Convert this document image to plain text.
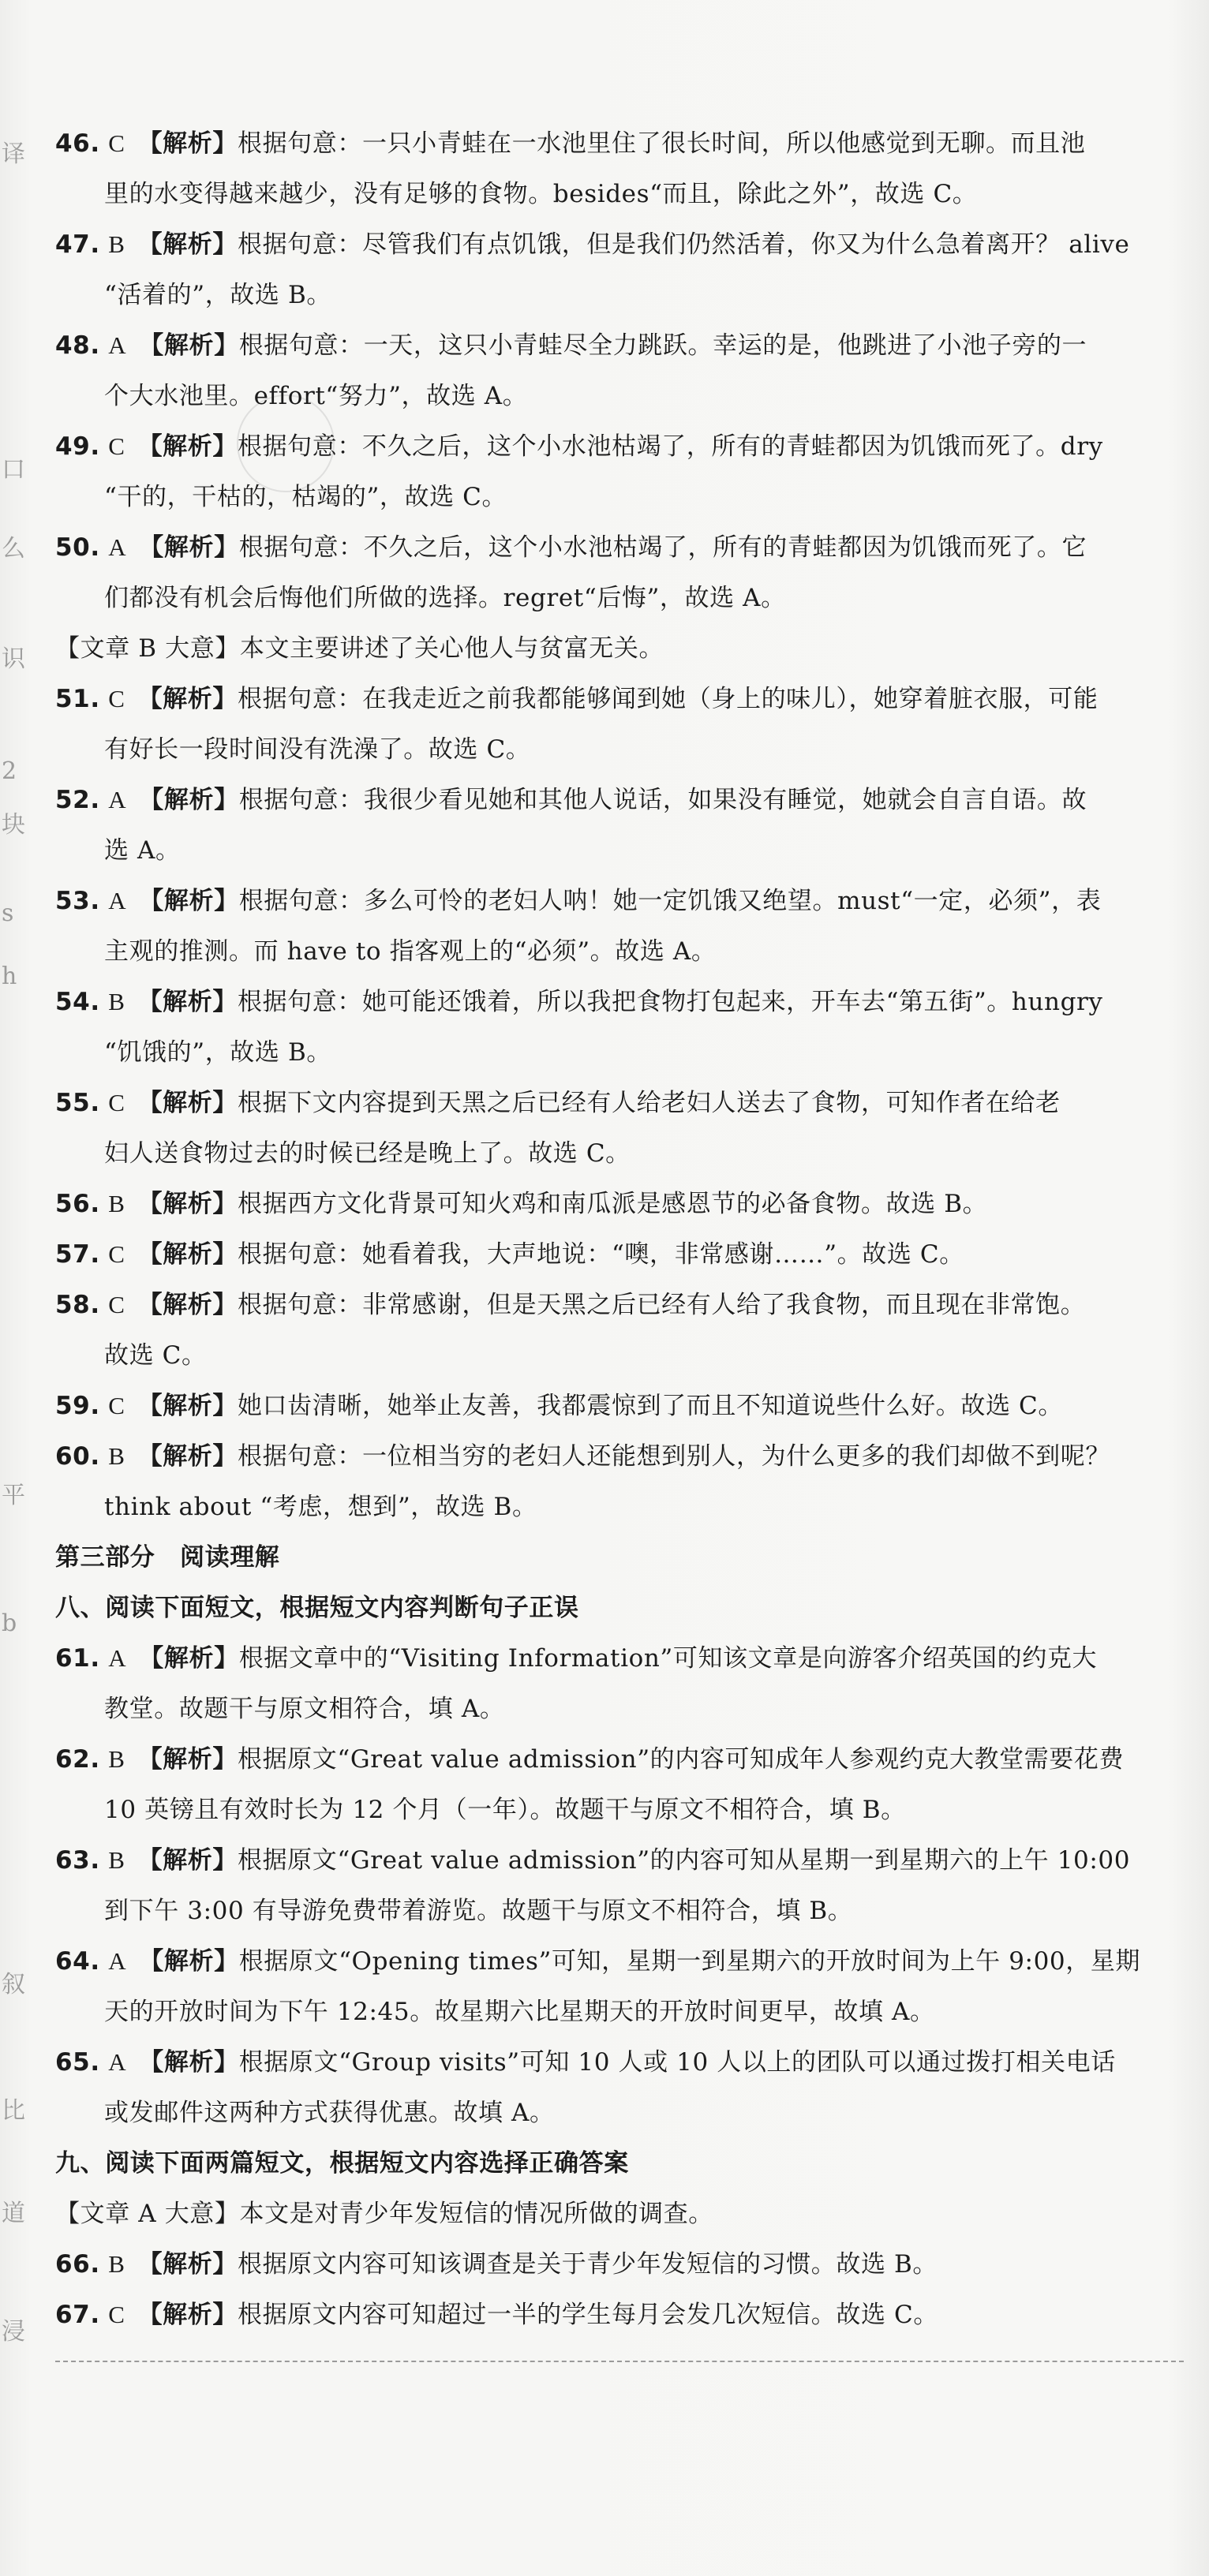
译
口
么
识
2
块
s
h
平
b
叙
比
道
浸
46. C  【解析】根据句意：一只小青蛙在一水池里住了很长时间，所以他感觉到无聊。而且池
里的水变得越来越少，没有足够的食物。besides“而且，除此之外”，故选 C。
47. B  【解析】根据句意：尽管我们有点饥饿，但是我们仍然活着，你又为什么急着离开？ alive
“活着的”，故选 B。
48. A  【解析】根据句意：一天，这只小青蛙尽全力跳跃。幸运的是，他跳进了小池子旁的一
个大水池里。effort“努力”，故选 A。
49. C  【解析】根据句意：不久之后，这个小水池枯竭了，所有的青蛙都因为饥饿而死了。dry
“干的，干枯的，枯竭的”，故选 C。
50. A  【解析】根据句意：不久之后，这个小水池枯竭了，所有的青蛙都因为饥饿而死了。它
们都没有机会后悔他们所做的选择。regret“后悔”，故选 A。
【文章 B 大意】本文主要讲述了关心他人与贫富无关。
51. C  【解析】根据句意：在我走近之前我都能够闻到她（身上的味儿），她穿着脏衣服，可能
有好长一段时间没有洗澡了。故选 C。
52. A  【解析】根据句意：我很少看见她和其他人说话，如果没有睡觉，她就会自言自语。故
选 A。
53. A  【解析】根据句意：多么可怜的老妇人呐！她一定饥饿又绝望。must“一定，必须”，表
主观的推测。而 have to 指客观上的“必须”。故选 A。
54. B  【解析】根据句意：她可能还饿着，所以我把食物打包起来，开车去“第五街”。hungry
“饥饿的”，故选 B。
55. C  【解析】根据下文内容提到天黑之后已经有人给老妇人送去了食物，可知作者在给老
妇人送食物过去的时候已经是晚上了。故选 C。
56. B  【解析】根据西方文化背景可知火鸡和南瓜派是感恩节的必备食物。故选 B。
57. C  【解析】根据句意：她看着我，大声地说：“噢，非常感谢……”。故选 C。
58. C  【解析】根据句意：非常感谢，但是天黑之后已经有人给了我食物，而且现在非常饱。
故选 C。
59. C  【解析】她口齿清晰，她举止友善，我都震惊到了而且不知道说些什么好。故选 C。
60. B  【解析】根据句意：一位相当穷的老妇人还能想到别人，为什么更多的我们却做不到呢？
think about “考虑，想到”，故选 B。
第三部分　阅读理解
八、阅读下面短文，根据短文内容判断句子正误
61. A  【解析】根据文章中的“Visiting Information”可知该文章是向游客介绍英国的约克大
教堂。故题干与原文相符合，填 A。
62. B  【解析】根据原文“Great value admission”的内容可知成年人参观约克大教堂需要花费
10 英镑且有效时长为 12 个月（一年）。故题干与原文不相符合，填 B。
63. B  【解析】根据原文“Great value admission”的内容可知从星期一到星期六的上午 10:00
到下午 3:00 有导游免费带着游览。故题干与原文不相符合，填 B。
64. A  【解析】根据原文“Opening times”可知，星期一到星期六的开放时间为上午 9:00，星期
天的开放时间为下午 12:45。故星期六比星期天的开放时间更早，故填 A。
65. A  【解析】根据原文“Group visits”可知 10 人或 10 人以上的团队可以通过拨打相关电话
或发邮件这两种方式获得优惠。故填 A。
九、阅读下面两篇短文，根据短文内容选择正确答案
【文章 A 大意】本文是对青少年发短信的情况所做的调查。
66. B  【解析】根据原文内容可知该调查是关于青少年发短信的习惯。故选 B。
67. C  【解析】根据原文内容可知超过一半的学生每月会发几次短信。故选 C。
